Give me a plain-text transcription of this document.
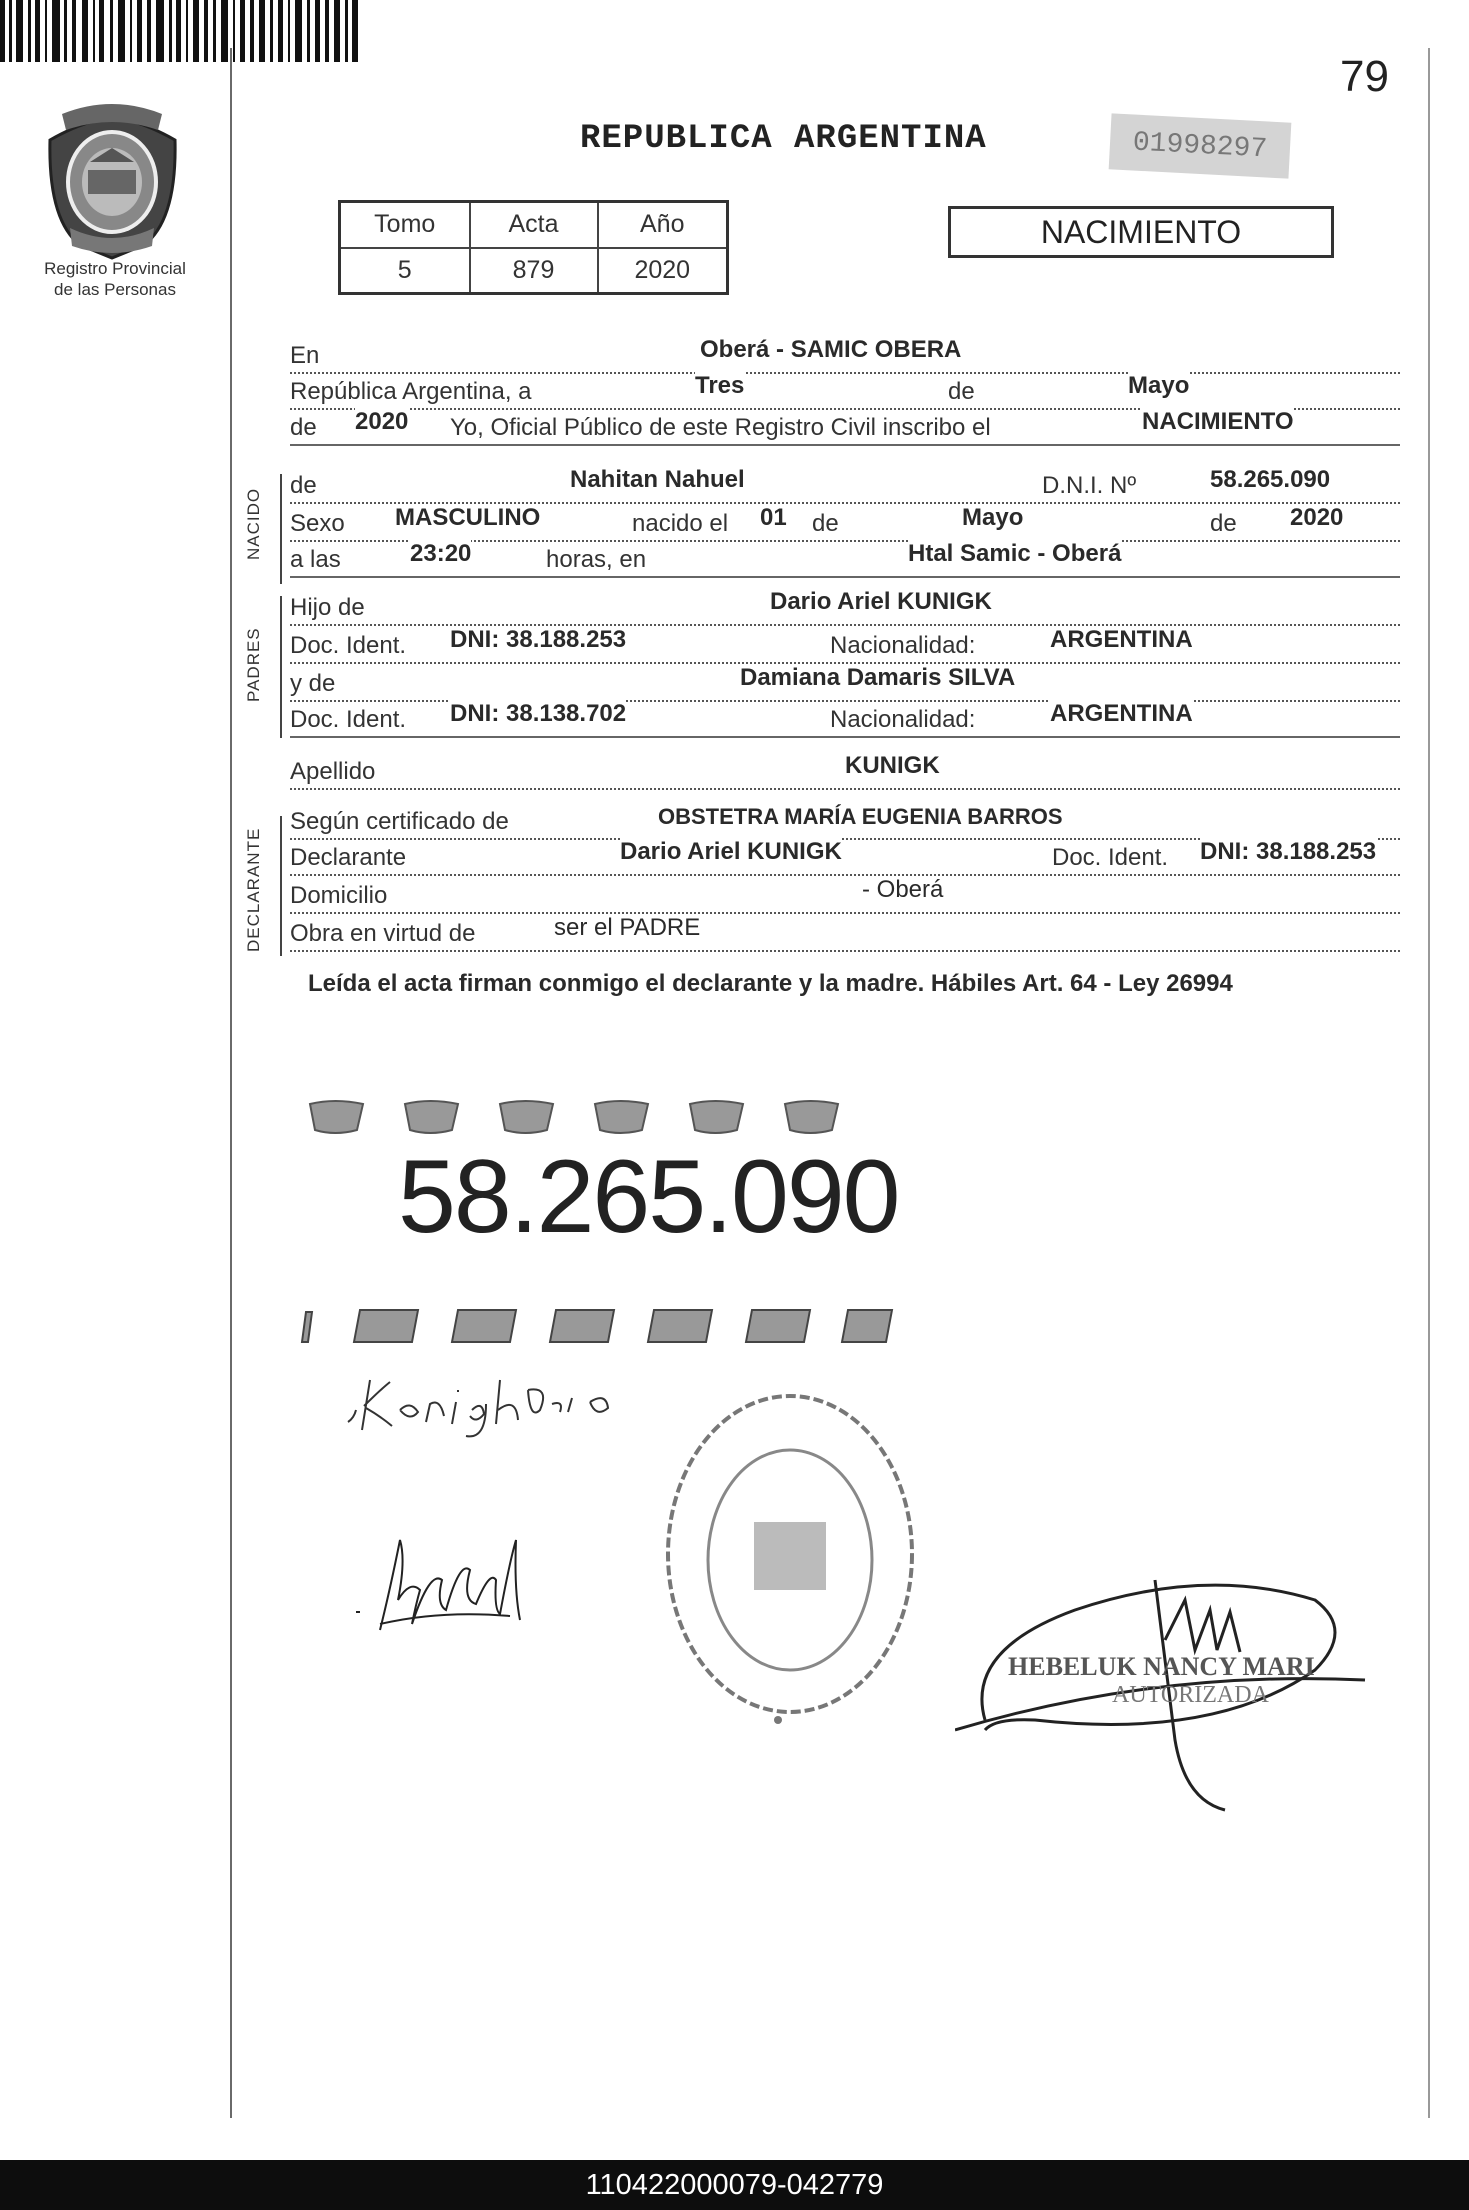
79
REPUBLICA ARGENTINA	01998297
Registro Provincial
de las Personas
Tomo	Acta	Año
5	879	2020
NACIMIENTO
En	Oberá - SAMIC OBERA
República Argentina, a	Tres	de	Mayo
de 2020 Yo, Oficial Público de este Registro Civil inscribo el	NACIMIENTO
NACIDO
de	Nahitan Nahuel	D.N.I. Nº	58.265.090
Sexo MASCULINO	nacido el 01 de	Mayo	de 2020
a las	23:20	horas, en	Htal Samic - Oberá
PADRES
Hijo de	Dario Ariel KUNIGK
Doc. Ident. DNI: 38.188.253	Nacionalidad:	ARGENTINA
y de	Damiana Damaris SILVA
Doc. Ident. DNI: 38.138.702	Nacionalidad:	ARGENTINA
Apellido	KUNIGK
DECLARANTE
Según certificado de	OBSTETRA MARÍA EUGENIA BARROS
Declarante	Dario Ariel KUNIGK	Doc. Ident. DNI: 38.188.253
Domicilio	- Oberá
Obra en virtud de	ser el PADRE
Leída el acta firman conmigo el declarante y la madre. Hábiles Art. 64 - Ley 26994
58.265.090
HEBELUK NANCY MARI
AUTORIZADA
110422000079-042779
